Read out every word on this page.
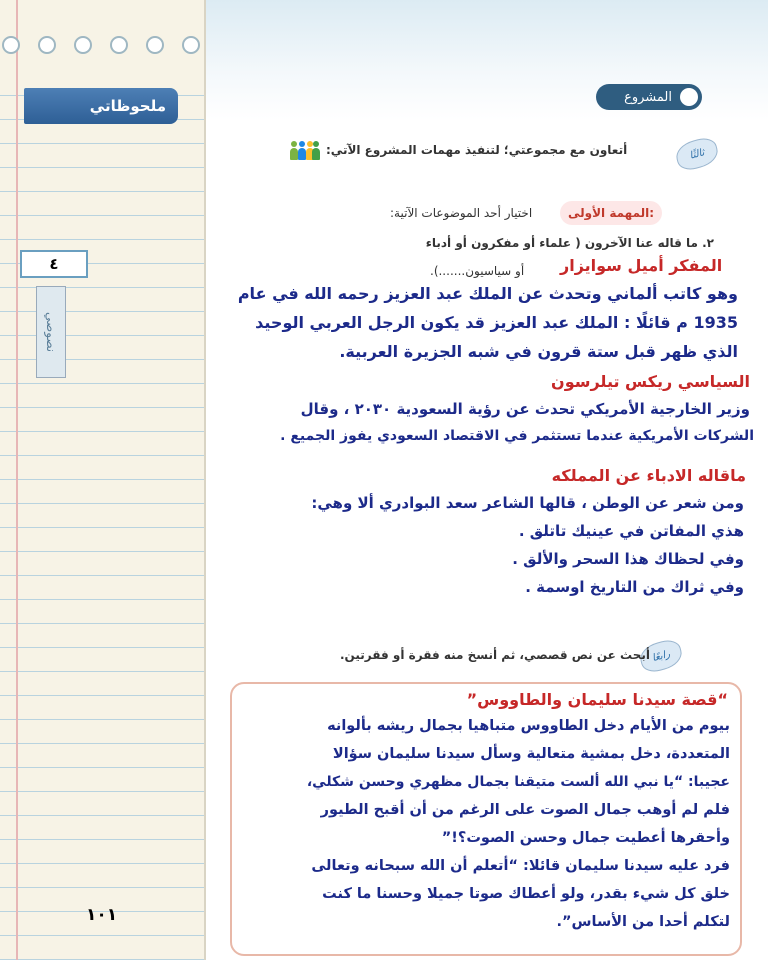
ملحوظاتي
٤
نصوصي
١٠١
المشروع
ثالثًا
أتعاون مع مجموعتي؛ لتنفيذ مهمات المشروع الآتي:
المهمة الأولى:
اختيار أحد الموضوعات الآتية:
٢. ما قاله عنا الآخرون ( علماء أو مفكرون أو أدباء
أو سياسيون.......). المفكر أميل سوايزار
وهو كاتب ألماني وتحدث عن الملك عبد العزيز رحمه الله في عام
1935 م قائلًا : الملك عبد العزيز قد يكون الرجل العربي الوحيد
الذي ظهر قبل ستة قرون في شبه الجزيرة العربية.
السياسي ريكس تيلرسون
وزير الخارجية الأمريكي تحدث عن رؤية السعودية ٢٠٣٠ ، وقال
الشركات الأمريكية عندما تستثمر في الاقتصاد السعودي يفوز الجميع .
ماقاله الادباء عن المملكه
ومن شعر عن الوطن ، قالها الشاعر سعد البوادري ألا وهي:
هذي المفاتن في عينيك تاتلق .
وفي لحظاك هذا السحر والألق .
وفي ثراك من التاريخ اوسمة .
رابعًا
أبحث عن نص قصصي، ثم أنسخ منه فقرة أو فقرتين.
“قصة سيدنا سليمان والطاووس”
بيوم من الأيام دخل الطاووس متباهيا بجمال ريشه بألوانه
المتعددة، دخل بمشية متعالية وسأل سيدنا سليمان سؤالا
عجيبا: “يا نبي الله ألست متيقنا بجمال مظهري وحسن شكلي،
فلم لم أوهب جمال الصوت على الرغم من أن أقبح الطيور
وأحقرها أعطيت جمال وحسن الصوت؟!”
فرد عليه سيدنا سليمان قائلا: “أتعلم أن الله سبحانه وتعالى
خلق كل شيء بقدر، ولو أعطاك صوتا جميلا وحسنا ما كنت
لتكلم أحدا من الأساس”.
